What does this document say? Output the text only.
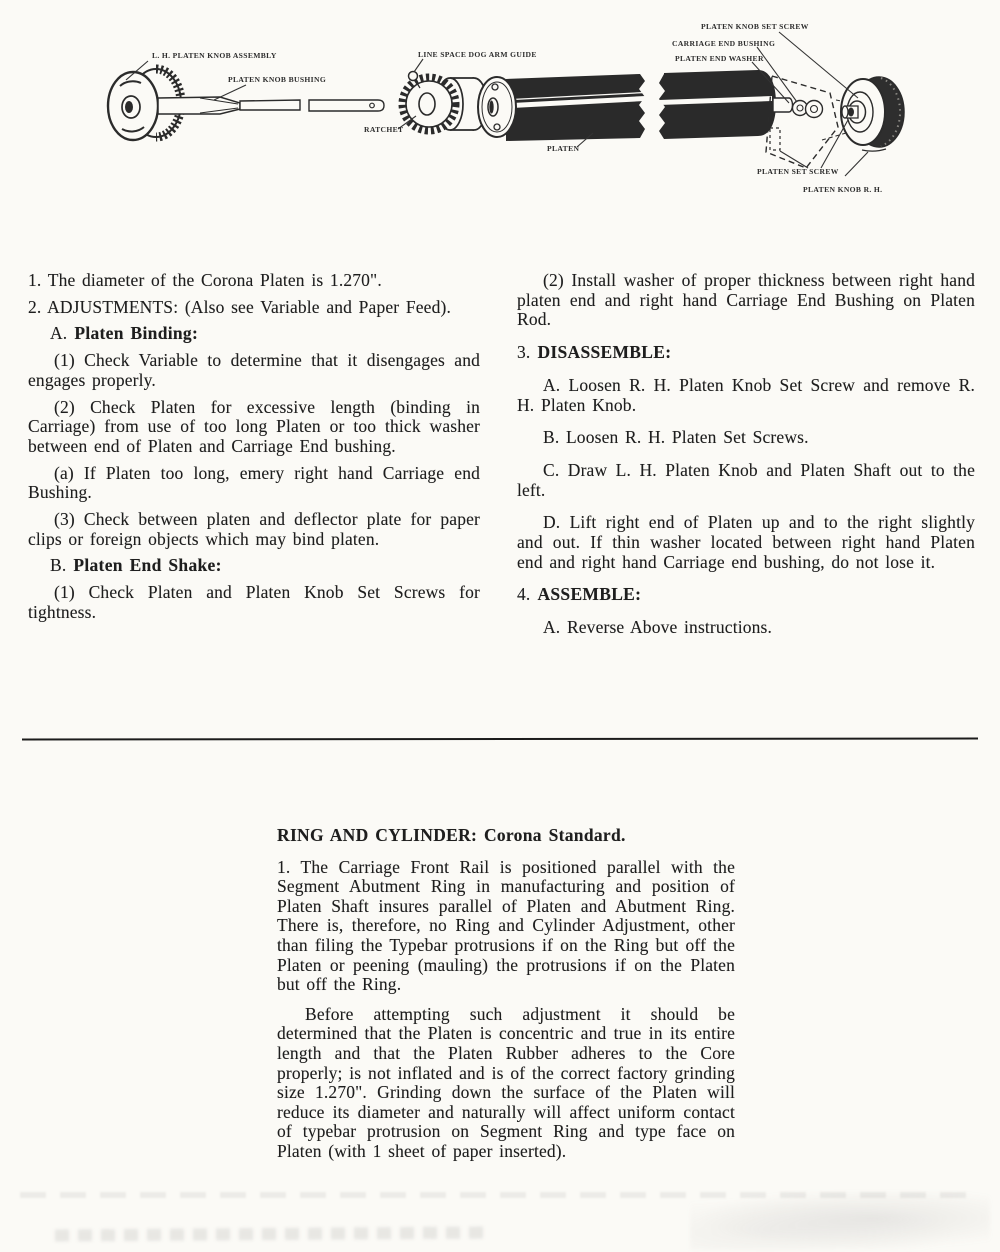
L. H. PLATEN KNOB ASSEMBLY
PLATEN KNOB BUSHING
LINE SPACE DOG ARM GUIDE
RATCHET
PLATEN
PLATEN KNOB SET SCREW
CARRIAGE END BUSHING
PLATEN END WASHER
PLATEN SET SCREW
PLATEN KNOB R. H.

1. The diameter of the Corona Platen is 1.270".

2. ADJUSTMENTS: (Also see Variable and Paper Feed).

A. Platen Binding:

(1) Check Variable to determine that it disengages and engages properly.

(2) Check Platen for excessive length (binding in Carriage) from use of too long Platen or too thick washer between end of Platen and Carriage End bushing.

(a) If Platen too long, emery right hand Carriage end Bushing.

(3) Check between platen and deflector plate for paper clips or foreign objects which may bind platen.

B. Platen End Shake:

(1) Check Platen and Platen Knob Set Screws for tightness.

(2) Install washer of proper thickness between right hand platen end and right hand Carriage End Bushing on Platen Rod.

3. DISASSEMBLE:

A. Loosen R. H. Platen Knob Set Screw and remove R. H. Platen Knob.

B. Loosen R. H. Platen Set Screws.

C. Draw L. H. Platen Knob and Platen Shaft out to the left.

D. Lift right end of Platen up and to the right slightly and out. If thin washer located between right hand Platen end and right hand Carriage end bushing, do not lose it.

4. ASSEMBLE:

A. Reverse Above instructions.

RING AND CYLINDER: Corona Standard.

1. The Carriage Front Rail is positioned parallel with the Segment Abutment Ring in manufacturing and position of Platen Shaft insures parallel of Platen and Abutment Ring. There is, therefore, no Ring and Cylinder Adjustment, other than filing the Typebar protrusions if on the Ring but off the Platen or peening (mauling) the protrusions if on the Platen but off the Ring.

Before attempting such adjustment it should be determined that the Platen is concentric and true in its entire length and that the Platen Rubber adheres to the Core properly; is not inflated and is of the correct factory grinding size 1.270". Grinding down the surface of the Platen will reduce its diameter and naturally will affect uniform contact of typebar protrusion on Segment Ring and type face on Platen (with 1 sheet of paper inserted).
